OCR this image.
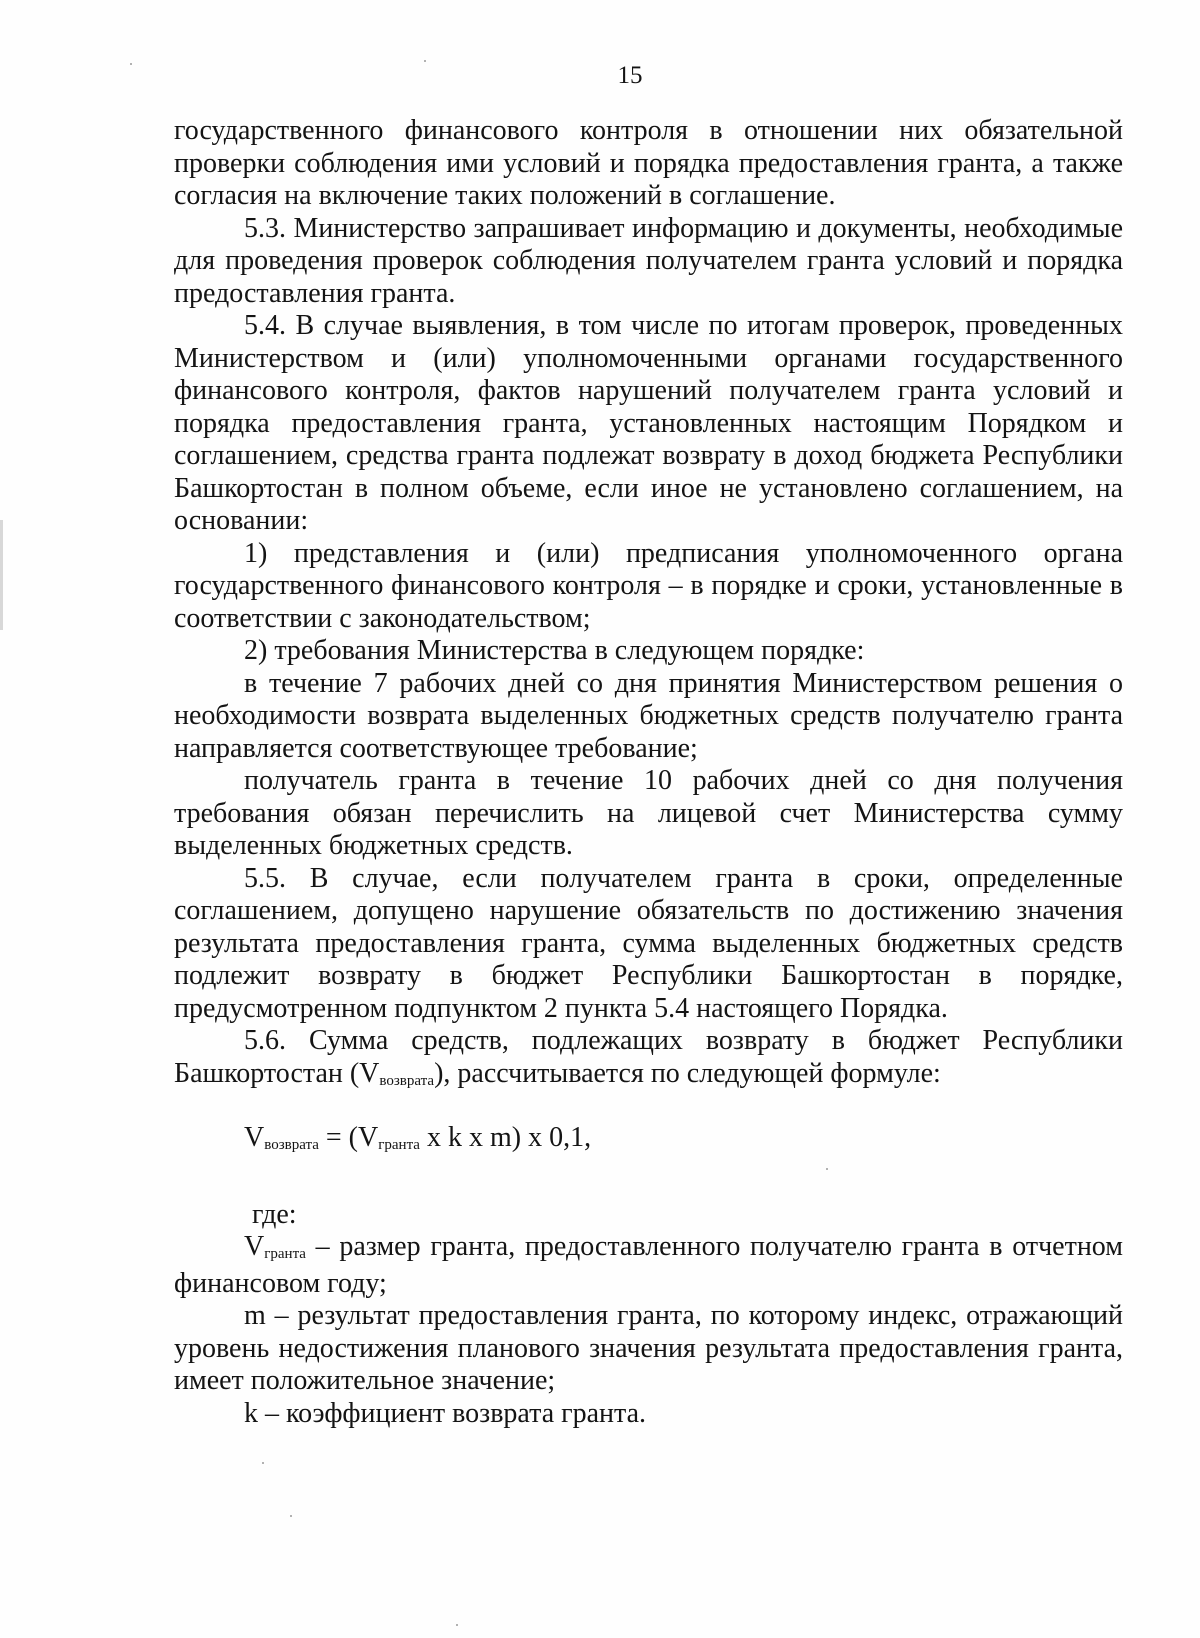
15

государственного финансового контроля в отношении них обязательной проверки соблюдения ими условий и порядка предоставления гранта, а также согласия на включение таких положений в соглашение.

5.3. Министерство запрашивает информацию и документы, необходимые для проведения проверок соблюдения получателем гранта условий и порядка предоставления гранта.

5.4. В случае выявления, в том числе по итогам проверок, проведенных Министерством и (или) уполномоченными органами государственного финансового контроля, фактов нарушений получателем гранта условий и порядка предоставления гранта, установленных настоящим Порядком и соглашением, средства гранта подлежат возврату в доход бюджета Республики Башкортостан в полном объеме, если иное не установлено соглашением, на основании:

1) представления и (или) предписания уполномоченного органа государственного финансового контроля – в порядке и сроки, установленные в соответствии с законодательством;

2) требования Министерства в следующем порядке:

в течение 7 рабочих дней со дня принятия Министерством решения о необходимости возврата выделенных бюджетных средств получателю гранта направляется соответствующее требование;

получатель гранта в течение 10 рабочих дней со дня получения требования обязан перечислить на лицевой счет Министерства сумму выделенных бюджетных средств.

5.5. В случае, если получателем гранта в сроки, определенные соглашением, допущено нарушение обязательств по достижению значения результата предоставления гранта, сумма выделенных бюджетных средств подлежит возврату в бюджет Республики Башкортостан в порядке, предусмотренном подпунктом 2 пункта 5.4 настоящего Порядка.

5.6. Сумма средств, подлежащих возврату в бюджет Республики Башкортостан (Vвозврата), рассчитывается по следующей формуле:

Vвозврата = (Vгранта x k x m) x 0,1,

где:

Vгранта – размер гранта, предоставленного получателю гранта в отчетном финансовом году;

m – результат предоставления гранта, по которому индекс, отражающий уровень недостижения планового значения результата предоставления гранта, имеет положительное значение;

k – коэффициент возврата гранта.
